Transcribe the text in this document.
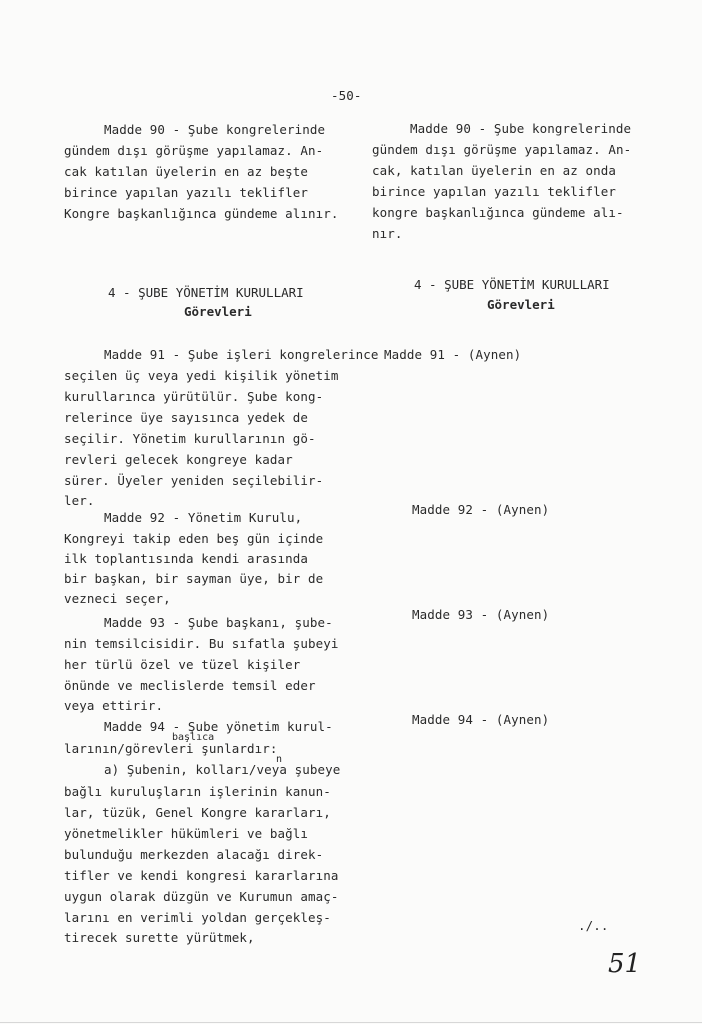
-50-
Madde 90 - Şube kongrelerinde
gündem dışı görüşme yapılamaz. An-
cak katılan üyelerin en az beşte
birince yapılan yazılı teklifler
Kongre başkanlığınca gündeme alınır.
Madde 90 - Şube kongrelerinde
gündem dışı görüşme yapılamaz. An-
cak, katılan üyelerin en az onda
birince yapılan yazılı teklifler
kongre başkanlığınca gündeme alı-
nır.
4 - ŞUBE YÖNETİM KURULLARI
Görevleri
4 - ŞUBE YÖNETİM KURULLARI
Görevleri
Madde 91 - Şube işleri kongrelerince
seçilen üç veya yedi kişilik yönetim
kurullarınca yürütülür. Şube kong-
relerince üye sayısınca yedek de
seçilir. Yönetim kurullarının gö-
revleri gelecek kongreye kadar
sürer. Üyeler yeniden seçilebilir-
ler.
Madde 91 - (Aynen)
Madde 92 - Yönetim Kurulu,
Kongreyi takip eden beş gün içinde
ilk toplantısında kendi arasında
bir başkan, bir sayman üye, bir de
vezneci seçer,
Madde 92 - (Aynen)
Madde 93 - Şube başkanı, şube-
nin temsilcisidir. Bu sıfatla şubeyi
her türlü özel ve tüzel kişiler
önünde ve meclislerde temsil eder
veya ettirir.
Madde 93 - (Aynen)
Madde 94 - Şube yönetim kurul-
başlıca
larının/görevleri şunlardır:
n
a) Şubenin, kolları/veya şubeye
bağlı kuruluşların işlerinin kanun-
lar, tüzük, Genel Kongre kararları,
yönetmelikler hükümleri ve bağlı
bulunduğu merkezden alacağı direk-
tifler ve kendi kongresi kararlarına
uygun olarak düzgün ve Kurumun amaç-
larını en verimli yoldan gerçekleş-
tirecek surette yürütmek,
Madde 94 - (Aynen)
./..
51
